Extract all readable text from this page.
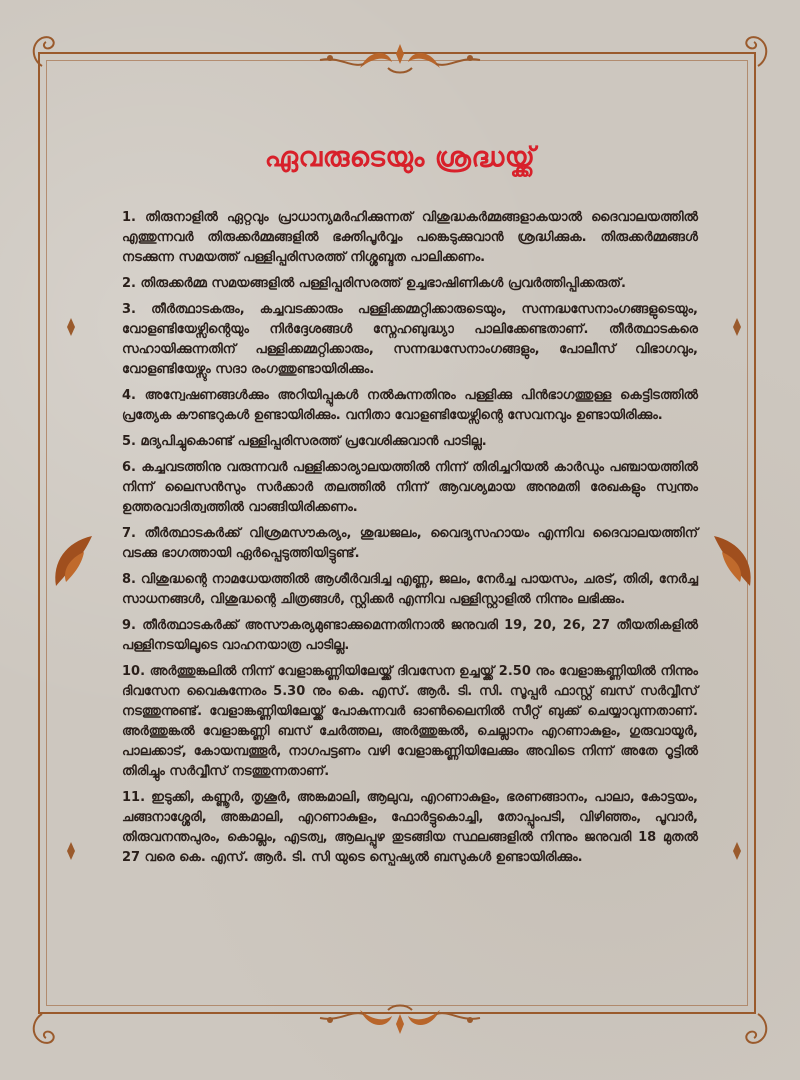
ഏവരുടെയും ശ്രദ്ധയ്ക്ക്

1. തിരുനാളിൽ ഏറ്റവും പ്രാധാന്യമർഹിക്കുന്നത് വിശുദ്ധകർമ്മങ്ങളാകയാൽ ദൈവാലയത്തിൽ എത്തുന്നവർ തിരുക്കർമ്മങ്ങളിൽ ഭക്തിപൂർവ്വം പങ്കെടുക്കുവാൻ ശ്രദ്ധിക്കുക. തിരുക്കർമ്മങ്ങൾ നടക്കുന്ന സമയത്ത് പള്ളിപ്പരിസരത്ത് നിശ്ശബ്ദത പാലിക്കണം.

2. തിരുക്കർമ്മ സമയങ്ങളിൽ പള്ളിപ്പരിസരത്ത് ഉച്ചഭാഷിണികൾ പ്രവർത്തിപ്പിക്കരുത്.

3. തീർത്ഥാടകരും, കച്ചവടക്കാരും പള്ളിക്കമ്മറ്റിക്കാരുടെയും, സന്നദ്ധസേനാംഗങ്ങളുടെയും, വോളണ്ടിയേഴ്സിന്റെയും നിർദ്ദേശങ്ങൾ സ്നേഹബുദ്ധ്യാ പാലിക്കേണ്ടതാണ്. തീർത്ഥാടകരെ സഹായിക്കുന്നതിന് പള്ളിക്കമ്മറ്റിക്കാരും, സന്നദ്ധസേനാംഗങ്ങളും, പോലീസ് വിഭാഗവും, വോളണ്ടിയേഴ്സും സദാ രംഗത്തുണ്ടായിരിക്കും.

4. അന്വേഷണങ്ങൾക്കും അറിയിപ്പുകൾ നൽകുന്നതിനും പള്ളിക്കു പിൻഭാഗത്തുള്ള കെട്ടിടത്തിൽ പ്രത്യേക കൗണ്ടറുകൾ ഉണ്ടായിരിക്കും. വനിതാ വോളണ്ടിയേഴ്സിന്റെ സേവനവും ഉണ്ടായിരിക്കും.

5. മദ്യപിച്ചുകൊണ്ട് പള്ളിപ്പരിസരത്ത് പ്രവേശിക്കുവാൻ പാടില്ല.

6. കച്ചവടത്തിനു വരുന്നവർ പള്ളിക്കാര്യാലയത്തിൽ നിന്ന് തിരിച്ചറിയൽ കാർഡും പഞ്ചായത്തിൽ നിന്ന് ലൈസൻസും സർക്കാർ തലത്തിൽ നിന്ന് ആവശ്യമായ അനുമതി രേഖകളും സ്വന്തം ഉത്തരവാദിത്വത്തിൽ വാങ്ങിയിരിക്കണം.

7. തീർത്ഥാടകർക്ക് വിശ്രമസൗകര്യം, ശുദ്ധജലം, വൈദ്യസഹായം എന്നിവ ദൈവാലയത്തിന് വടക്കു ഭാഗത്തായി ഏർപ്പെടുത്തിയിട്ടുണ്ട്.

8. വിശുദ്ധന്റെ നാമധേയത്തിൽ ആശീർവദിച്ച എണ്ണ, ജലം, നേർച്ച പായസം, ചരട്, തിരി, നേർച്ച സാധനങ്ങൾ, വിശുദ്ധന്റെ ചിത്രങ്ങൾ, സ്റ്റിക്കർ എന്നിവ പള്ളിസ്റ്റാളിൽ നിന്നും ലഭിക്കും.

9. തീർത്ഥാടകർക്ക് അസൗകര്യമുണ്ടാക്കുമെന്നതിനാൽ ജനുവരി 19, 20, 26, 27 തീയതികളിൽ പള്ളിനടയിലൂടെ വാഹനയാത്ര പാടില്ല.

10. അർത്തുങ്കലിൽ നിന്ന് വേളാങ്കണ്ണിയിലേയ്ക്ക് ദിവസേന ഉച്ചയ്ക്ക് 2.50 നും വേളാങ്കണ്ണിയിൽ നിന്നും ദിവസേന വൈകുന്നേരം 5.30 നും കെ. എസ്. ആർ. ടി. സി. സൂപ്പർ ഫാസ്റ്റ് ബസ് സർവ്വീസ് നടത്തുന്നുണ്ട്. വേളാങ്കണ്ണിയിലേയ്ക്ക് പോകുന്നവർ ഓൺലൈനിൽ സീറ്റ് ബുക്ക് ചെയ്യാവുന്നതാണ്. അർത്തുങ്കൽ വേളാങ്കണ്ണി ബസ് ചേർത്തല, അർത്തുങ്കൽ, ചെല്ലാനം എറണാകുളം, ഗുരുവായൂർ, പാലക്കാട്, കോയമ്പത്തൂർ, നാഗപട്ടണം വഴി വേളാങ്കണ്ണിയിലേക്കും അവിടെ നിന്ന് അതേ റൂട്ടിൽ തിരിച്ചും സർവ്വീസ് നടത്തുന്നതാണ്.

11. ഇടുക്കി, കണ്ണൂർ, തൃശൂർ, അങ്കമാലി, ആലുവ, എറണാകുളം, ഭരണങ്ങാനം, പാലാ, കോട്ടയം, ചങ്ങനാശ്ശേരി, അങ്കമാലി, എറണാകുളം, ഫോർട്ടുകൊച്ചി, തോപ്പുംപടി, വിഴിഞ്ഞം, പൂവാർ, തിരുവനന്തപുരം, കൊല്ലം, എടത്വ, ആലപ്പുഴ തുടങ്ങിയ സ്ഥലങ്ങളിൽ നിന്നും ജനുവരി 18 മുതൽ 27 വരെ കെ. എസ്. ആർ. ടി. സി യുടെ സ്പെഷ്യൽ ബസുകൾ ഉണ്ടായിരിക്കും.
